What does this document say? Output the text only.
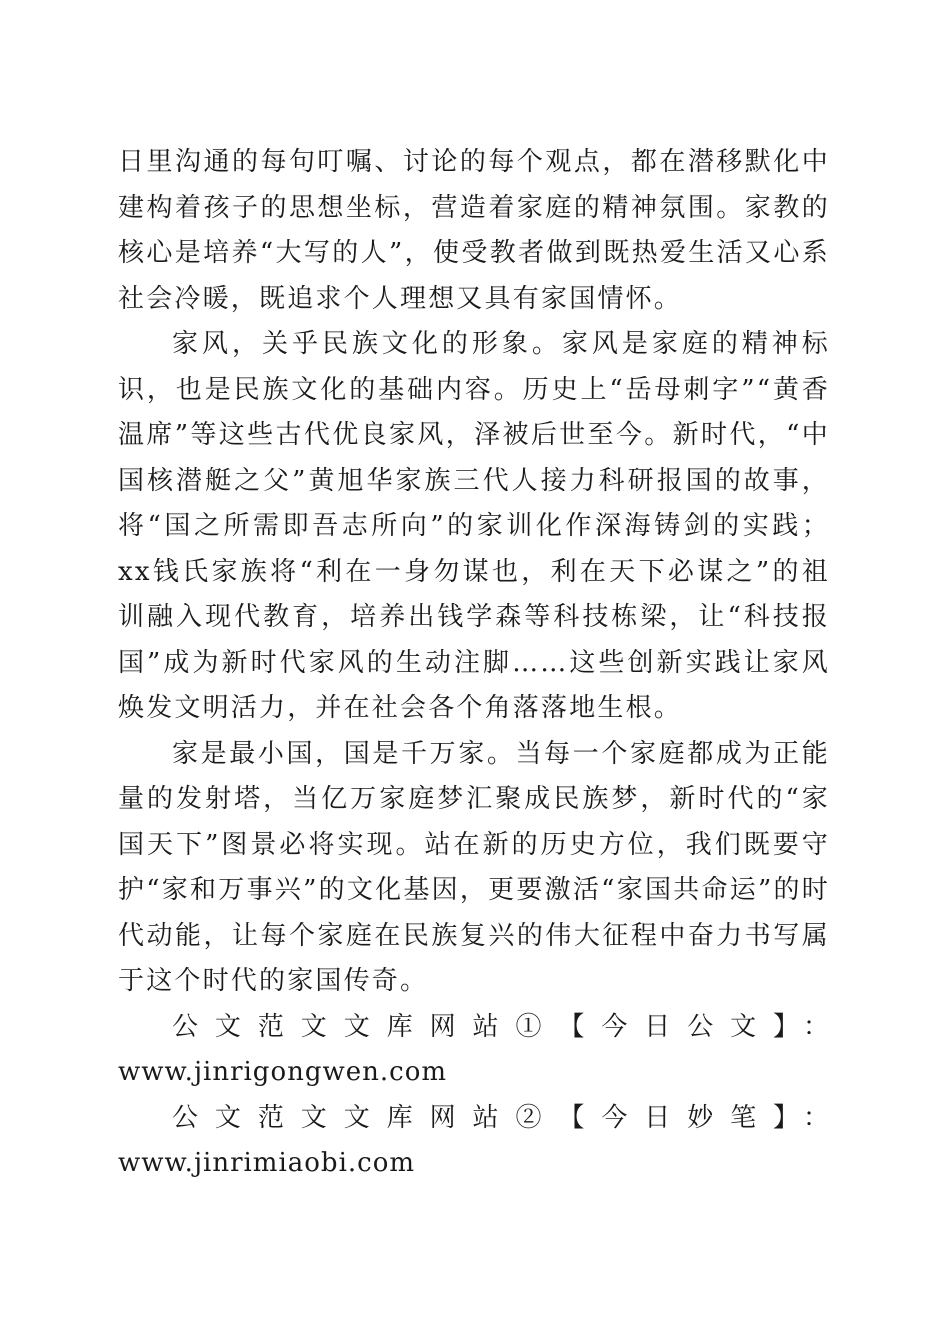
日里沟通的每句叮嘱、讨论的每个观点，都在潜移默化中建构着孩子的思想坐标，营造着家庭的精神氛围。家教的核心是培养“大写的人”，使受教者做到既热爱生活又心系社会冷暖，既追求个人理想又具有家国情怀。

家风，关乎民族文化的形象。家风是家庭的精神标识，也是民族文化的基础内容。历史上“岳母刺字”“黄香温席”等这些古代优良家风，泽被后世至今。新时代，“中国核潜艇之父”黄旭华家族三代人接力科研报国的故事，将“国之所需即吾志所向”的家训化作深海铸剑的实践；xx钱氏家族将“利在一身勿谋也，利在天下必谋之”的祖训融入现代教育，培养出钱学森等科技栋梁，让“科技报国”成为新时代家风的生动注脚……这些创新实践让家风焕发文明活力，并在社会各个角落落地生根。

家是最小国，国是千万家。当每一个家庭都成为正能量的发射塔，当亿万家庭梦汇聚成民族梦，新时代的“家国天下”图景必将实现。站在新的历史方位，我们既要守护“家和万事兴”的文化基因，更要激活“家国共命运”的时代动能，让每个家庭在民族复兴的伟大征程中奋力书写属于这个时代的家国传奇。

公文范文文库网站①【今日公文】：www.jinrigongwen.com

公文范文文库网站②【今日妙笔】：www.jinrimiaobi.com
